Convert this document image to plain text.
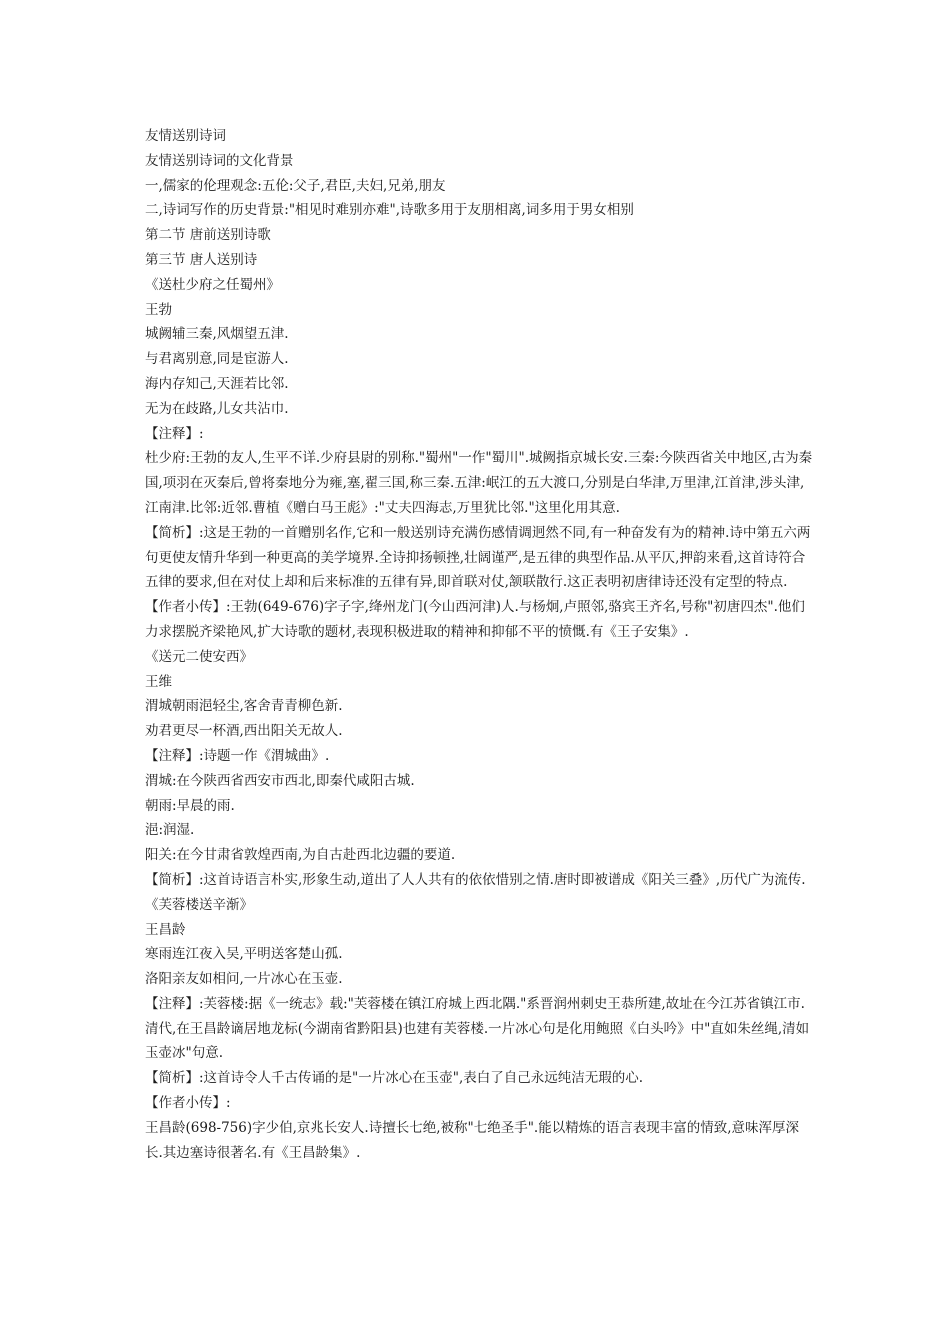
友情送别诗词

友情送别诗词的文化背景

一,儒家的伦理观念:五伦:父子,君臣,夫妇,兄弟,朋友

二,诗词写作的历史背景:"相见时难别亦难",诗歌多用于友朋相离,词多用于男女相别

第二节 唐前送别诗歌

第三节 唐人送别诗

《送杜少府之任蜀州》

王勃

城阙辅三秦,风烟望五津.

与君离别意,同是宦游人.

海内存知己,天涯若比邻.

无为在歧路,儿女共沾巾.

【注释】:

杜少府:王勃的友人,生平不详.少府县尉的别称."蜀州"一作"蜀川".城阙指京城长安.三秦:今陕西省关中地区,古为秦国,项羽在灭秦后,曾将秦地分为雍,塞,翟三国,称三秦.五津:岷江的五大渡口,分别是白华津,万里津,江首津,涉头津,江南津.比邻:近邻.曹植《赠白马王彪》:"丈夫四海志,万里犹比邻."这里化用其意.

【简析】:这是王勃的一首赠别名作,它和一般送别诗充满伤感情调迥然不同,有一种奋发有为的精神.诗中第五六两句更使友情升华到一种更高的美学境界.全诗抑扬顿挫,壮阔谨严,是五律的典型作品.从平仄,押韵来看,这首诗符合五律的要求,但在对仗上却和后来标准的五律有异,即首联对仗,颔联散行.这正表明初唐律诗还没有定型的特点.

【作者小传】:王勃(649-676)字子字,绛州龙门(今山西河津)人.与杨炯,卢照邻,骆宾王齐名,号称"初唐四杰".他们力求摆脱齐梁艳风,扩大诗歌的题材,表现积极进取的精神和抑郁不平的愤慨.有《王子安集》.

《送元二使安西》

王维

渭城朝雨浥轻尘,客舍青青柳色新.

劝君更尽一杯酒,西出阳关无故人.

【注释】:诗题一作《渭城曲》.

渭城:在今陕西省西安市西北,即秦代咸阳古城.

朝雨:早晨的雨.

浥:润湿.

阳关:在今甘肃省敦煌西南,为自古赴西北边疆的要道.

【简析】:这首诗语言朴实,形象生动,道出了人人共有的依依惜别之情.唐时即被谱成《阳关三叠》,历代广为流传.

《芙蓉楼送辛渐》

王昌龄

寒雨连江夜入吴,平明送客楚山孤.

洛阳亲友如相问,一片冰心在玉壶.

【注释】:芙蓉楼:据《一统志》载:"芙蓉楼在镇江府城上西北隅."系晋润州刺史王恭所建,故址在今江苏省镇江市.清代,在王昌龄谪居地龙标(今湖南省黔阳县)也建有芙蓉楼.一片冰心句是化用鲍照《白头吟》中"直如朱丝绳,清如玉壶冰"句意.

【简析】:这首诗令人千古传诵的是"一片冰心在玉壶",表白了自己永远纯洁无瑕的心.

【作者小传】:

王昌龄(698-756)字少伯,京兆长安人.诗擅长七绝,被称"七绝圣手".能以精炼的语言表现丰富的情致,意味浑厚深长.其边塞诗很著名.有《王昌龄集》.
